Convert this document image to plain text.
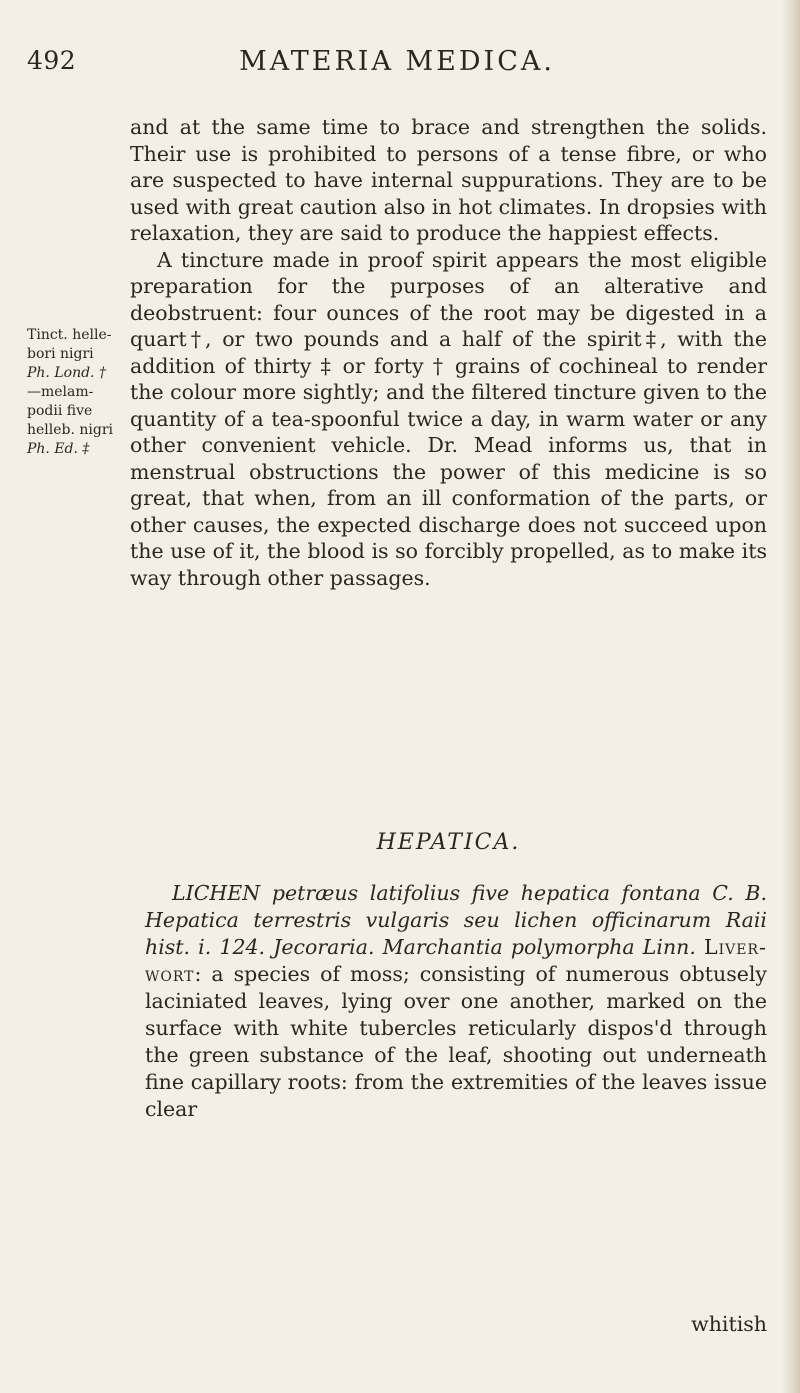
492	MATERIA MEDICA.
Tinct. helle-
bori nigri
Ph. Lond. †
—melam-
podii five
helleb. nigri
Ph. Ed. ‡

and at the same time to brace and strengthen the solids. Their use is prohibited to persons of a tense fibre, or who are suspected to have internal suppurations. They are to be used with great caution also in hot climates. In dropsies with relaxation, they are said to produce the happiest effects.

A tincture made in proof spirit appears the most eligible preparation for the purposes of an alterative and deobstruent: four ounces of the root may be digested in a quart†, or two pounds and a half of the spirit‡, with the addition of thirty ‡ or forty † grains of cochineal to render the colour more sightly; and the filtered tincture given to the quantity of a tea-spoonful twice a day, in warm water or any other convenient vehicle. Dr. Mead informs us, that in menstrual obstructions the power of this medicine is so great, that when, from an ill conformation of the parts, or other causes, the expected discharge does not succeed upon the use of it, the blood is so forcibly propelled, as to make its way through other passages.

HEPATICA.

LICHEN petræus latifolius five hepatica fontana C. B. Hepatica terrestris vulgaris seu lichen officinarum Raii hist. i. 124. Jecoraria. Marchantia polymorpha Linn. Liver-wort: a species of moss; consisting of numerous obtusely laciniated leaves, lying over one another, marked on the surface with white tubercles reticularly dispos'd through the green substance of the leaf, shooting out underneath fine capillary roots: from the extremities of the leaves issue clear

whitish
